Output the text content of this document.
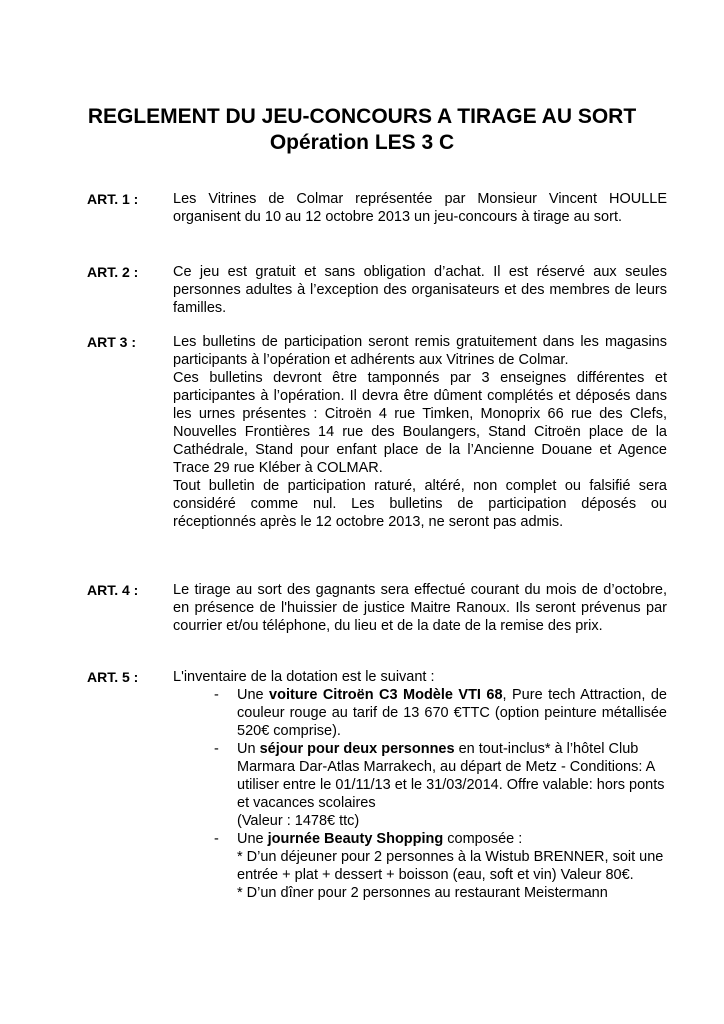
REGLEMENT DU JEU-CONCOURS A TIRAGE AU SORT
Opération LES 3 C
ART. 1 : Les Vitrines de Colmar représentée par Monsieur Vincent HOULLE organisent du 10 au 12 octobre 2013 un jeu-concours à tirage au sort.

ART. 2 : Ce jeu est gratuit et sans obligation d’achat. Il est réservé aux seules personnes adultes à l’exception des organisateurs et des membres de leurs familles.

ART 3 :	Les bulletins de participation seront remis gratuitement dans les magasins participants à l’opération et adhérents aux Vitrines de Colmar.

Ces bulletins devront être tamponnés par 3 enseignes différentes et participantes à l’opération. Il devra être dûment complétés et déposés dans les urnes présentes : Citroën 4 rue Timken, Monoprix 66 rue des Clefs, Nouvelles Frontières 14 rue des Boulangers, Stand Citroën place de la Cathédrale, Stand pour enfant place de la l’Ancienne Douane et Agence Trace 29 rue Kléber à COLMAR.

Tout bulletin de participation raturé, altéré, non complet ou falsifié sera considéré comme nul. Les bulletins de participation déposés ou réceptionnés après le 12 octobre 2013, ne seront pas admis.

ART. 4 : Le tirage au sort des gagnants sera effectué courant du mois de d’octobre, en présence de l'huissier de justice Maitre Ranoux. Ils seront prévenus par courrier et/ou téléphone, du lieu et de la date de la remise des prix.

ART. 5 : L'inventaire de la dotation est le suivant :

- Une voiture Citroën C3 Modèle VTI 68, Pure tech Attraction, de couleur rouge au tarif de 13 670 €TTC (option peinture métallisée 520€ comprise).
- Un séjour pour deux personnes en tout-inclus* à l’hôtel Club Marmara Dar-Atlas Marrakech, au départ de Metz - Conditions: A utiliser entre le 01/11/13 et le 31/03/2014. Offre valable: hors ponts et vacances scolaires
(Valeur : 1478€ ttc)
- Une journée Beauty Shopping composée :
* D’un déjeuner pour 2 personnes à la Wistub BRENNER, soit une entrée + plat + dessert + boisson (eau, soft et vin) Valeur 80€.
* D’un dîner pour 2 personnes au restaurant Meistermann
